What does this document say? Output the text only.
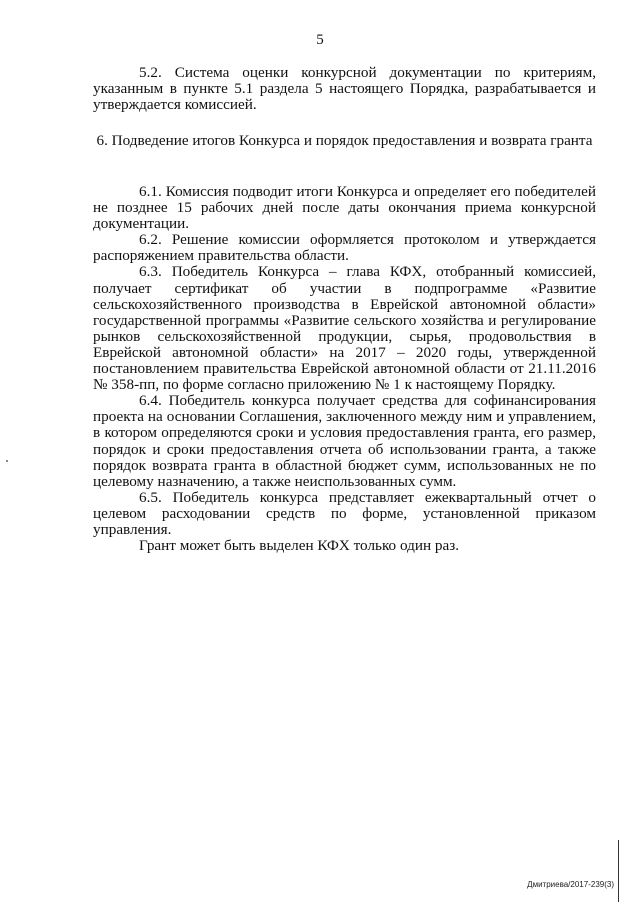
5

5.2. Система оценки конкурсной документации по критериям, указанным в пункте 5.1 раздела 5 настоящего Порядка, разрабатывается и утверждается комиссией.

6. Подведение итогов Конкурса и порядок предоставления и возврата гранта

6.1. Комиссия подводит итоги Конкурса и определяет его победителей не позднее 15 рабочих дней после даты окончания приема конкурсной документации.

6.2. Решение комиссии оформляется протоколом и утверждается распоряжением правительства области.

6.3. Победитель Конкурса – глава КФХ, отобранный комиссией, получает сертификат об участии в подпрограмме «Развитие сельскохозяйственного производства в Еврейской автономной области» государственной программы «Развитие сельского хозяйства и регулирование рынков сельскохозяйственной продукции, сырья, продовольствия в Еврейской автономной области» на 2017 – 2020 годы, утвержденной постановлением правительства Еврейской автономной области от 21.11.2016 № 358-пп, по форме согласно приложению № 1 к настоящему Порядку.

6.4. Победитель конкурса получает средства для софинансирования проекта на основании Соглашения, заключенного между ним и управлением, в котором определяются сроки и условия предоставления гранта, его размер, порядок и сроки предоставления отчета об использовании гранта, а также порядок возврата гранта в областной бюджет сумм, использованных не по целевому назначению, а также неиспользованных сумм.

6.5. Победитель конкурса представляет ежеквартальный отчет о целевом расходовании средств по форме, установленной приказом управления.

Грант может быть выделен КФХ только один раз.

Дмитриева/2017-239(3)
